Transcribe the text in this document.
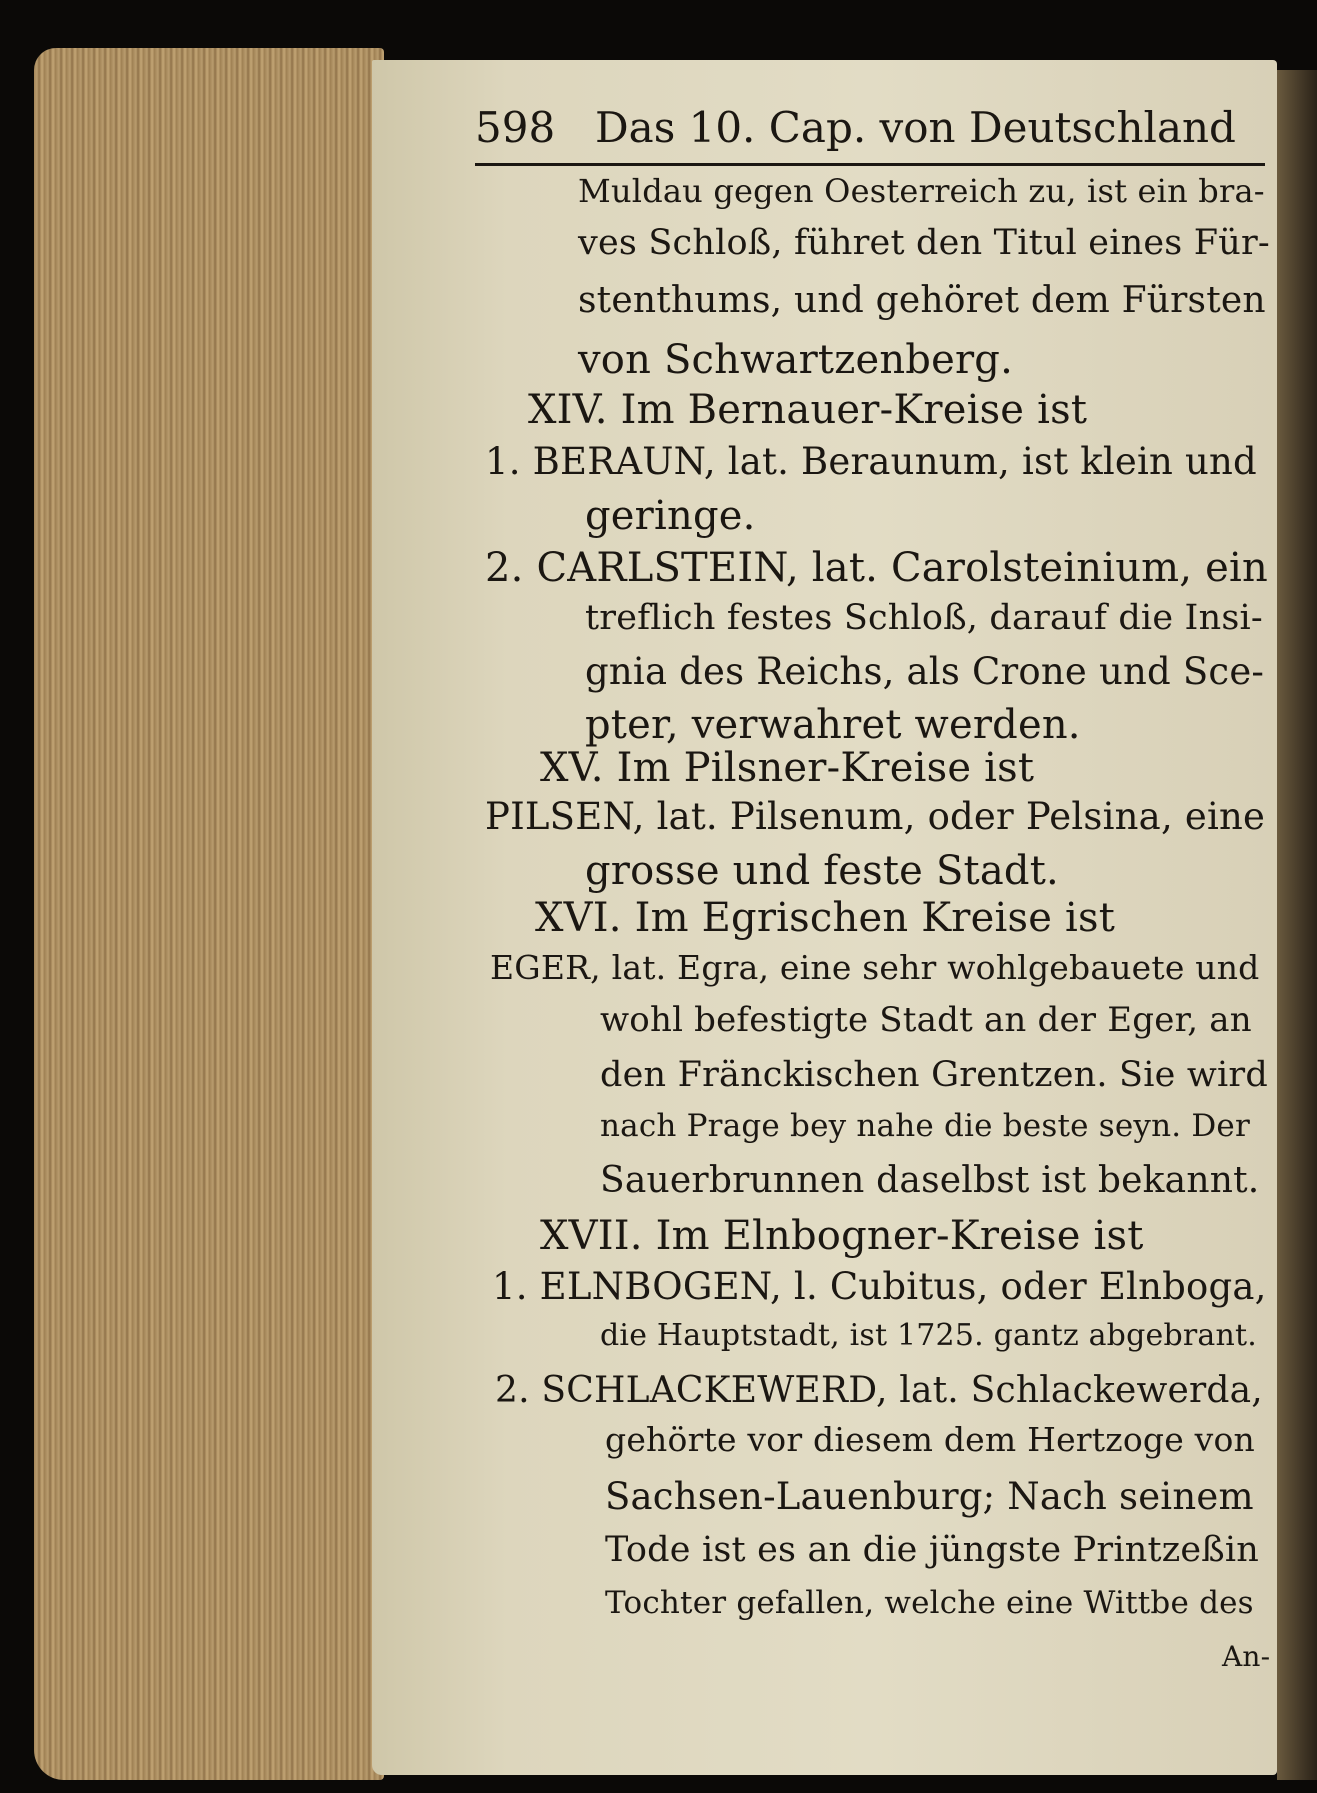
598 Das 10. Cap. von Deutschland
Muldau gegen Oesterreich zu, ist ein bra-
ves Schloß, führet den Titul eines Für-
stenthums, und gehöret dem Fürsten
von Schwartzenberg.
XIV. Im Bernauer-Kreise ist
1. BERAUN, lat. Beraunum, ist klein und
geringe.
2. CARLSTEIN, lat. Carolsteinium, ein
treflich festes Schloß, darauf die Insi-
gnia des Reichs, als Crone und Sce-
pter, verwahret werden.
XV. Im Pilsner-Kreise ist
PILSEN, lat. Pilsenum, oder Pelsina, eine
grosse und feste Stadt.
XVI. Im Egrischen Kreise ist
EGER, lat. Egra, eine sehr wohlgebauete und
wohl befestigte Stadt an der Eger, an
den Fränckischen Grentzen. Sie wird
nach Prage bey nahe die beste seyn. Der
Sauerbrunnen daselbst ist bekannt.
XVII. Im Elnbogner-Kreise ist
1. ELNBOGEN, l. Cubitus, oder Elnboga,
die Hauptstadt, ist 1725. gantz abgebrant.
2. SCHLACKEWERD, lat. Schlackewerda,
gehörte vor diesem dem Hertzoge von
Sachsen-Lauenburg; Nach seinem
Tode ist es an die jüngste Printzeßin
Tochter gefallen, welche eine Wittbe des
An-
